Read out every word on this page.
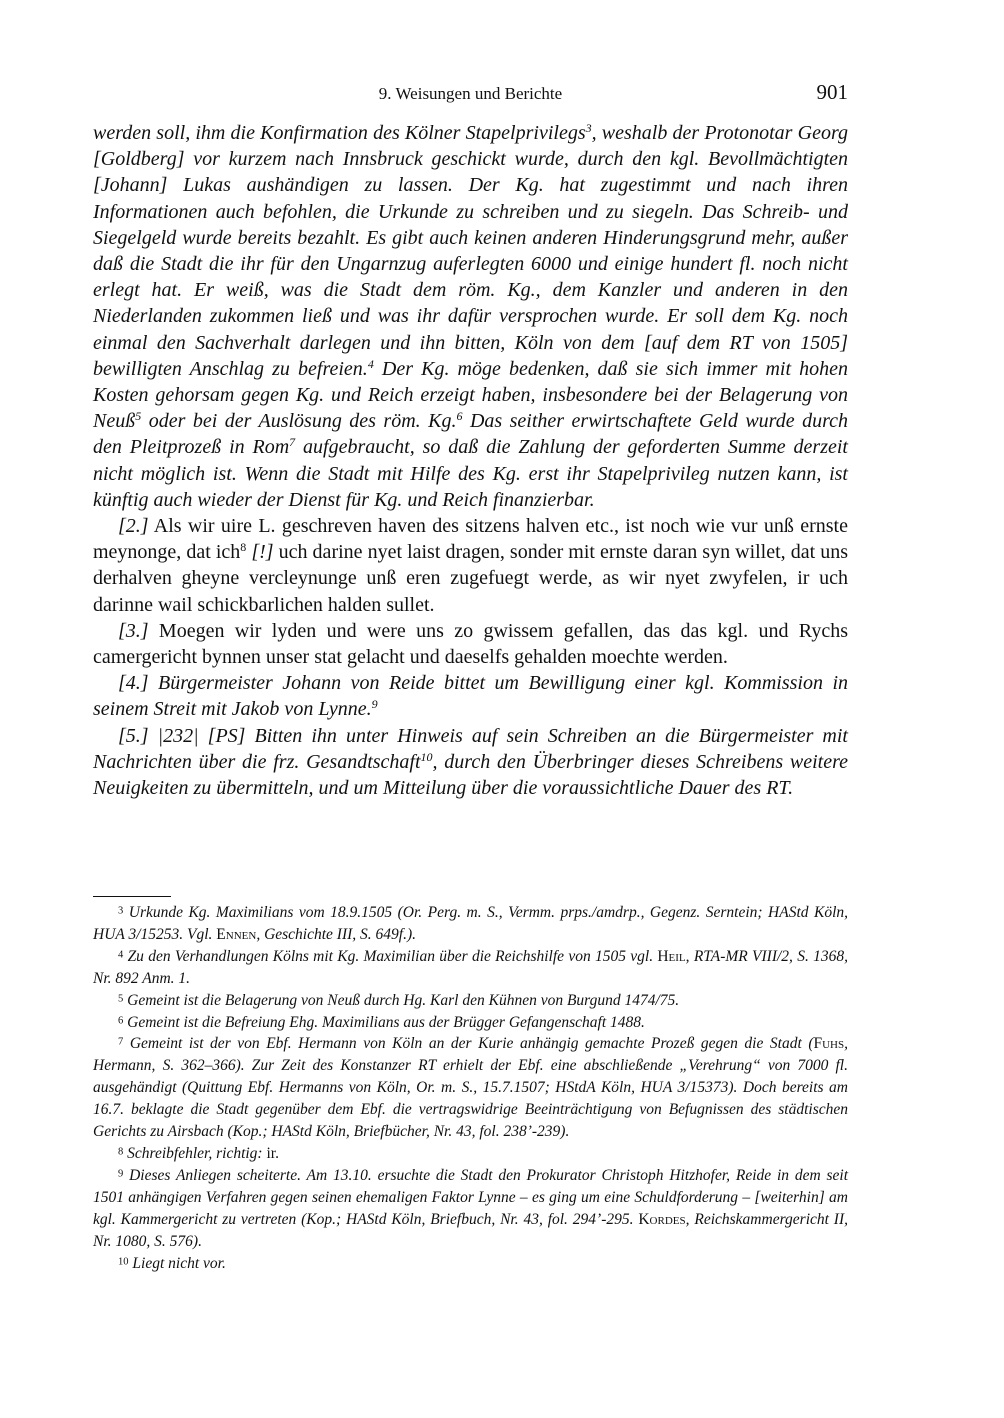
9. Weisungen und Berichte	901

werden soll, ihm die Konfirmation des Kölner Stapelprivilegs$^3$, weshalb der Protonotar Georg [Goldberg] vor kurzem nach Innsbruck geschickt wurde, durch den kgl. Bevollmächtigten [Johann] Lukas aushändigen zu lassen. Der Kg. hat zugestimmt und nach ihren Informationen auch befohlen, die Urkunde zu schreiben und zu siegeln. Das Schreib- und Siegelgeld wurde bereits bezahlt. Es gibt auch keinen anderen Hinderungsgrund mehr, außer daß die Stadt die ihr für den Ungarnzug auferlegten 6000 und einige hundert fl. noch nicht erlegt hat. Er weiß, was die Stadt dem röm. Kg., dem Kanzler und anderen in den Niederlanden zukommen ließ und was ihr dafür versprochen wurde. Er soll dem Kg. noch einmal den Sachverhalt darlegen und ihn bitten, Köln von dem [auf dem RT von 1505] bewilligten Anschlag zu befreien.$^4$ Der Kg. möge bedenken, daß sie sich immer mit hohen Kosten gehorsam gegen Kg. und Reich erzeigt haben, insbesondere bei der Belagerung von Neuß$^5$ oder bei der Auslösung des röm. Kg.$^6$ Das seither erwirtschaftete Geld wurde durch den Pleitprozeß in Rom$^7$ aufgebraucht, so daß die Zahlung der geforderten Summe derzeit nicht möglich ist. Wenn die Stadt mit Hilfe des Kg. erst ihr Stapelprivileg nutzen kann, ist künftig auch wieder der Dienst für Kg. und Reich finanzierbar.

[2.] Als wir uire L. geschreven haven des sitzens halven etc., ist noch wie vur unß ernste meynonge, dat ich$^8$ [!] uch darine nyet laist dragen, sonder mit ernste daran syn willet, dat uns derhalven gheyne vercleynunge unß eren zugefuegt werde, as wir nyet zwyfelen, ir uch darinne wail schickbarlichen halden sullet.

[3.] Moegen wir lyden und were uns zo gwissem gefallen, das das kgl. und Rychs camergericht bynnen unser stat gelacht und daeselfs gehalden moechte werden.

[4.] Bürgermeister Johann von Reide bittet um Bewilligung einer kgl. Kommission in seinem Streit mit Jakob von Lynne.$^9$

[5.] |232| [PS] Bitten ihn unter Hinweis auf sein Schreiben an die Bürgermeister mit Nachrichten über die frz. Gesandtschaft$^{10}$, durch den Überbringer dieses Schreibens weitere Neuigkeiten zu übermitteln, und um Mitteilung über die voraussichtliche Dauer des RT.

$^3$ Urkunde Kg. Maximilians vom 18.9.1505 (Or. Perg. m. S., Vermm. prps./amdrp., Gegenz. Serntein; HAStd Köln, HUA 3/15253. Vgl. Ennen, Geschichte III, S. 649f.).

$^4$ Zu den Verhandlungen Kölns mit Kg. Maximilian über die Reichshilfe von 1505 vgl. Heil, RTA-MR VIII/2, S. 1368, Nr. 892 Anm. 1.

$^5$ Gemeint ist die Belagerung von Neuß durch Hg. Karl den Kühnen von Burgund 1474/75.

$^6$ Gemeint ist die Befreiung Ehg. Maximilians aus der Brügger Gefangenschaft 1488.

$^7$ Gemeint ist der von Ebf. Hermann von Köln an der Kurie anhängig gemachte Prozeß gegen die Stadt (Fuhs, Hermann, S. 362–366). Zur Zeit des Konstanzer RT erhielt der Ebf. eine abschließende „Verehrung“ von 7000 fl. ausgehändigt (Quittung Ebf. Hermanns von Köln, Or. m. S., 15.7.1507; HStdA Köln, HUA 3/15373). Doch bereits am 16.7. beklagte die Stadt gegenüber dem Ebf. die vertragswidrige Beeinträchtigung von Befugnissen des städtischen Gerichts zu Airsbach (Kop.; HAStd Köln, Briefbücher, Nr. 43, fol. 238’-239).

$^8$ Schreibfehler, richtig: ir.

$^9$ Dieses Anliegen scheiterte. Am 13.10. ersuchte die Stadt den Prokurator Christoph Hitzhofer, Reide in dem seit 1501 anhängigen Verfahren gegen seinen ehemaligen Faktor Lynne – es ging um eine Schuldforderung – [weiterhin] am kgl. Kammergericht zu vertreten (Kop.; HAStd Köln, Briefbuch, Nr. 43, fol. 294’-295. Kordes, Reichskammergericht II, Nr. 1080, S. 576).

$^{10}$ Liegt nicht vor.
